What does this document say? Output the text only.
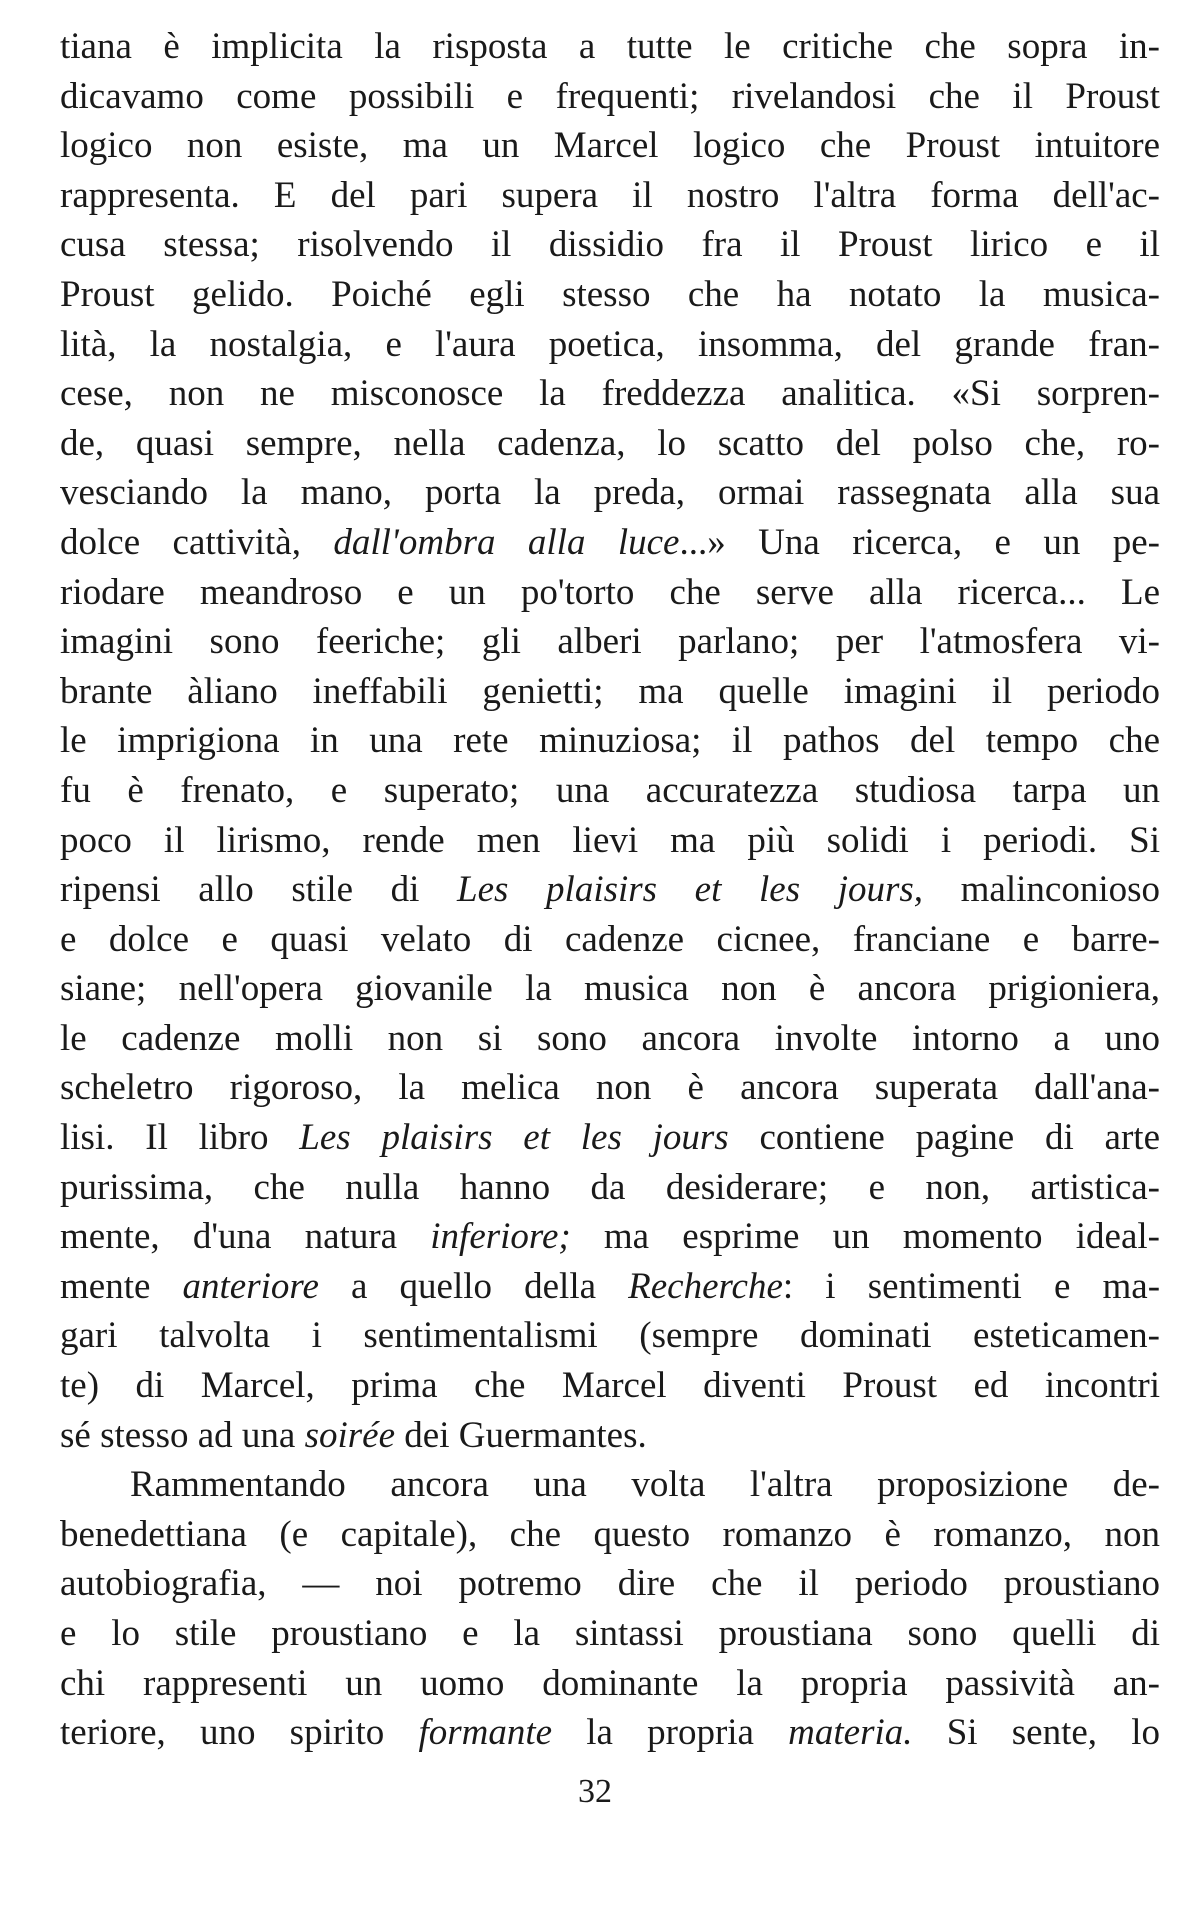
tiana è implicita la risposta a tutte le critiche che sopra in-
dicavamo come possibili e frequenti; rivelandosi che il Proust
logico non esiste, ma un Marcel logico che Proust intuitore
rappresenta. E del pari supera il nostro l'altra forma dell'ac-
cusa stessa; risolvendo il dissidio fra il Proust lirico e il
Proust gelido. Poiché egli stesso che ha notato la musica-
lità, la nostalgia, e l'aura poetica, insomma, del grande fran-
cese, non ne misconosce la freddezza analitica. «Si sorpren-
de, quasi sempre, nella cadenza, lo scatto del polso che, ro-
vesciando la mano, porta la preda, ormai rassegnata alla sua
dolce cattività, dall'ombra alla luce...» Una ricerca, e un pe-
riodare meandroso e un po'torto che serve alla ricerca... Le
imagini sono feeriche; gli alberi parlano; per l'atmosfera vi-
brante àliano ineffabili genietti; ma quelle imagini il periodo
le imprigiona in una rete minuziosa; il pathos del tempo che
fu è frenato, e superato; una accuratezza studiosa tarpa un
poco il lirismo, rende men lievi ma più solidi i periodi. Si
ripensi allo stile di Les plaisirs et les jours, malinconioso
e dolce e quasi velato di cadenze cicnee, franciane e barre-
siane; nell'opera giovanile la musica non è ancora prigioniera,
le cadenze molli non si sono ancora involte intorno a uno
scheletro rigoroso, la melica non è ancora superata dall'ana-
lisi. Il libro Les plaisirs et les jours contiene pagine di arte
purissima, che nulla hanno da desiderare; e non, artistica-
mente, d'una natura inferiore; ma esprime un momento ideal-
mente anteriore a quello della Recherche: i sentimenti e ma-
gari talvolta i sentimentalismi (sempre dominati esteticamen-
te) di Marcel, prima che Marcel diventi Proust ed incontri
sé stesso ad una soirée dei Guermantes.
Rammentando ancora una volta l'altra proposizione de-
benedettiana (e capitale), che questo romanzo è romanzo, non
autobiografia, — noi potremo dire che il periodo proustiano
e lo stile proustiano e la sintassi proustiana sono quelli di
chi rappresenti un uomo dominante la propria passività an-
teriore, uno spirito formante la propria materia. Si sente, lo
32
